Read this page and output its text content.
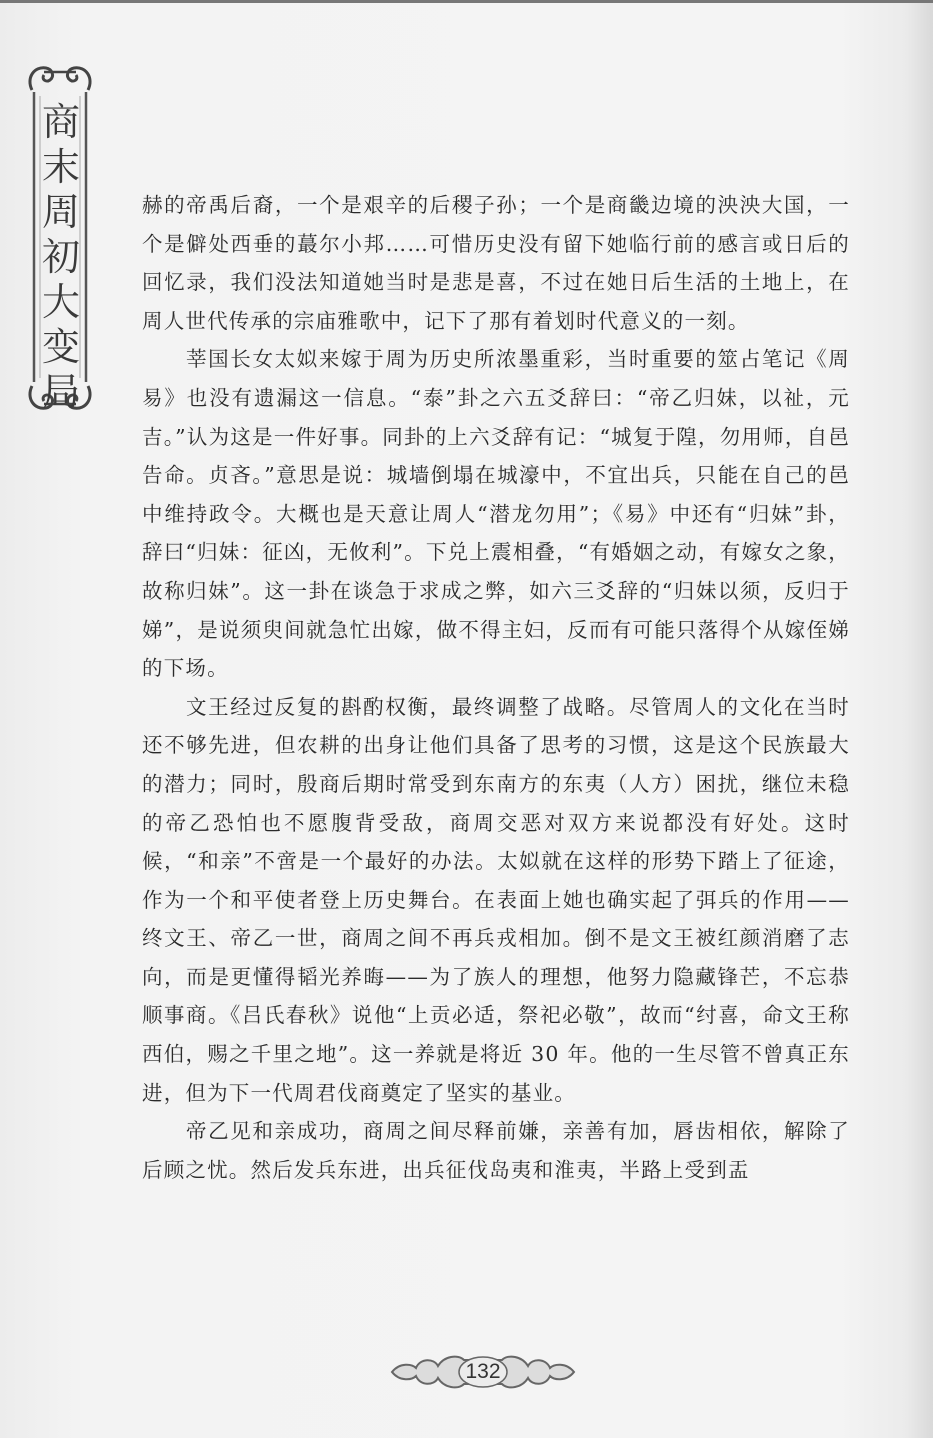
商
末
周
初
大
变
局

赫的帝禹后裔，一个是艰辛的后稷子孙；一个是商畿边境的泱泱大国，一个是僻处西垂的蕞尔小邦……可惜历史没有留下她临行前的感言或日后的回忆录，我们没法知道她当时是悲是喜，不过在她日后生活的土地上，在周人世代传承的宗庙雅歌中，记下了那有着划时代意义的一刻。

莘国长女太姒来嫁于周为历史所浓墨重彩，当时重要的筮占笔记《周易》也没有遗漏这一信息。“泰”卦之六五爻辞曰：“帝乙归妹，以祉，元吉。”认为这是一件好事。同卦的上六爻辞有记：“城复于隍，勿用师，自邑告命。贞吝。”意思是说：城墙倒塌在城濠中，不宜出兵，只能在自己的邑中维持政令。大概也是天意让周人“潜龙勿用”；《易》中还有“归妹”卦，辞曰“归妹：征凶，无攸利”。下兑上震相叠，“有婚姻之动，有嫁女之象，故称归妹”。这一卦在谈急于求成之弊，如六三爻辞的“归妹以须，反归于娣”，是说须臾间就急忙出嫁，做不得主妇，反而有可能只落得个从嫁侄娣的下场。

文王经过反复的斟酌权衡，最终调整了战略。尽管周人的文化在当时还不够先进，但农耕的出身让他们具备了思考的习惯，这是这个民族最大的潜力；同时，殷商后期时常受到东南方的东夷（人方）困扰，继位未稳的帝乙恐怕也不愿腹背受敌，商周交恶对双方来说都没有好处。这时候，“和亲”不啻是一个最好的办法。太姒就在这样的形势下踏上了征途，作为一个和平使者登上历史舞台。在表面上她也确实起了弭兵的作用——终文王、帝乙一世，商周之间不再兵戎相加。倒不是文王被红颜消磨了志向，而是更懂得韬光养晦——为了族人的理想，他努力隐藏锋芒，不忘恭顺事商。《吕氏春秋》说他“上贡必适，祭祀必敬”，故而“纣喜，命文王称西伯，赐之千里之地”。这一养就是将近 30 年。他的一生尽管不曾真正东进，但为下一代周君伐商奠定了坚实的基业。

帝乙见和亲成功，商周之间尽释前嫌，亲善有加，唇齿相依，解除了后顾之忧。然后发兵东进，出兵征伐岛夷和淮夷，半路上受到盂

132
